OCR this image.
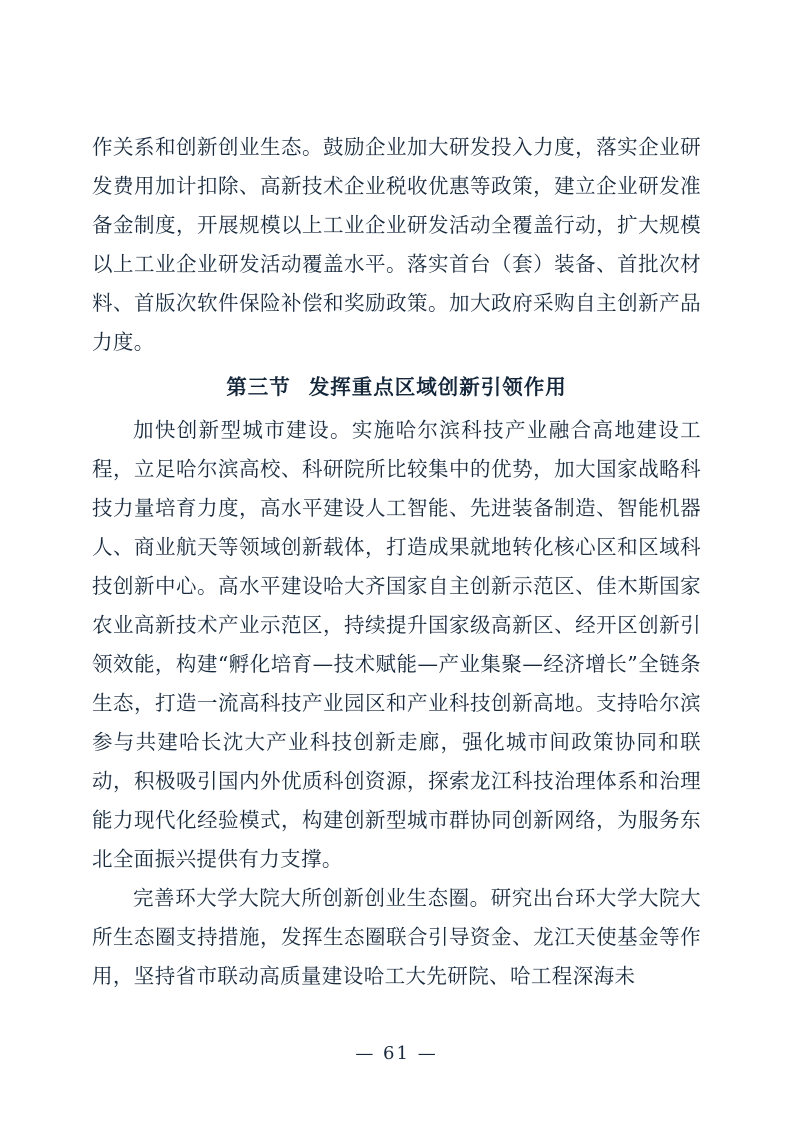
作关系和创新创业生态。鼓励企业加大研发投入力度，落实企业研发费用加计扣除、高新技术企业税收优惠等政策，建立企业研发准备金制度，开展规模以上工业企业研发活动全覆盖行动，扩大规模以上工业企业研发活动覆盖水平。落实首台（套）装备、首批次材料、首版次软件保险补偿和奖励政策。加大政府采购自主创新产品力度。

第三节 发挥重点区域创新引领作用

加快创新型城市建设。实施哈尔滨科技产业融合高地建设工程，立足哈尔滨高校、科研院所比较集中的优势，加大国家战略科技力量培育力度，高水平建设人工智能、先进装备制造、智能机器人、商业航天等领域创新载体，打造成果就地转化核心区和区域科技创新中心。高水平建设哈大齐国家自主创新示范区、佳木斯国家农业高新技术产业示范区，持续提升国家级高新区、经开区创新引领效能，构建“孵化培育—技术赋能—产业集聚—经济增长”全链条生态，打造一流高科技产业园区和产业科技创新高地。支持哈尔滨参与共建哈长沈大产业科技创新走廊，强化城市间政策协同和联动，积极吸引国内外优质科创资源，探索龙江科技治理体系和治理能力现代化经验模式，构建创新型城市群协同创新网络，为服务东北全面振兴提供有力支撑。

完善环大学大院大所创新创业生态圈。研究出台环大学大院大所生态圈支持措施，发挥生态圈联合引导资金、龙江天使基金等作用，坚持省市联动高质量建设哈工大先研院、哈工程深海未

— 61 —
